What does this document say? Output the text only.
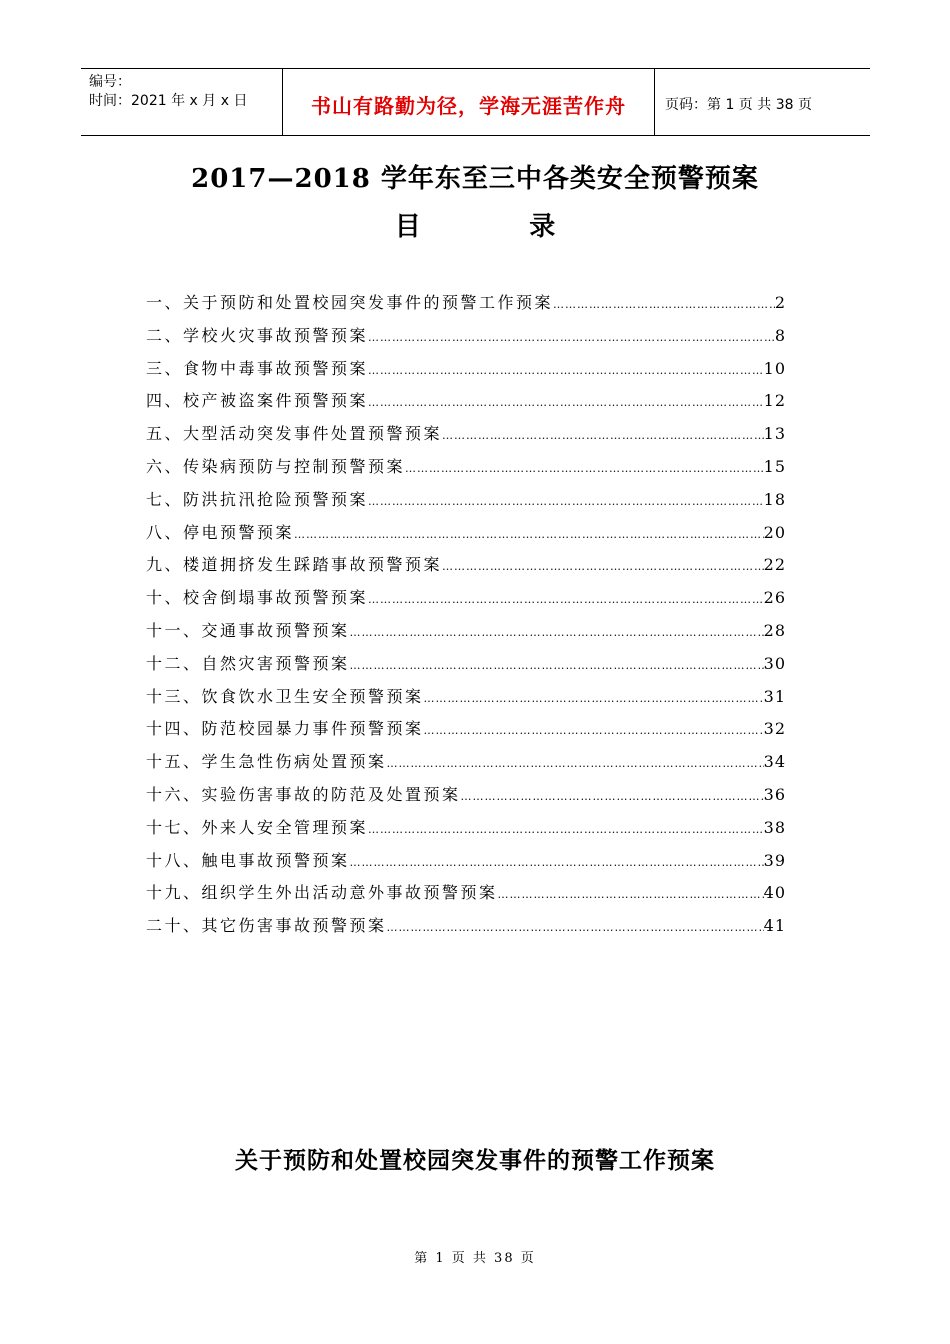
编号：
时间：2021 年 x 月 x 日	书山有路勤为径，学海无涯苦作舟	页码：第 1 页 共 38 页
2017—2018 学年东至三中各类安全预警预案
目            录
一、关于预防和处置校园突发事件的预警工作预案 …………………………………………………………………………………………………………………………	2
二、学校火灾事故预警预案 …………………………………………………………………………………………………………………………	8
三、食物中毒事故预警预案 …………………………………………………………………………………………………………………………	10
四、校产被盗案件预警预案 …………………………………………………………………………………………………………………………	12
五、大型活动突发事件处置预警预案 …………………………………………………………………………………………………………………………	13
六、传染病预防与控制预警预案 …………………………………………………………………………………………………………………………	15
七、防洪抗汛抢险预警预案 …………………………………………………………………………………………………………………………	18
八、停电预警预案 …………………………………………………………………………………………………………………………	20
九、楼道拥挤发生踩踏事故预警预案 …………………………………………………………………………………………………………………………	22
十、校舍倒塌事故预警预案 …………………………………………………………………………………………………………………………	26
十一、交通事故预警预案 …………………………………………………………………………………………………………………………	28
十二、自然灾害预警预案 …………………………………………………………………………………………………………………………	30
十三、饮食饮水卫生安全预警预案 …………………………………………………………………………………………………………………………	31
十四、防范校园暴力事件预警预案 …………………………………………………………………………………………………………………………	32
十五、学生急性伤病处置预案 …………………………………………………………………………………………………………………………	34
十六、实验伤害事故的防范及处置预案 …………………………………………………………………………………………………………………………	36
十七、外来人安全管理预案 …………………………………………………………………………………………………………………………	38
十八、触电事故预警预案 …………………………………………………………………………………………………………………………	39
十九、组织学生外出活动意外事故预警预案 …………………………………………………………………………………………………………………………	40
二十、其它伤害事故预警预案 …………………………………………………………………………………………………………………………	41
关于预防和处置校园突发事件的预警工作预案
第 1 页 共 38 页
